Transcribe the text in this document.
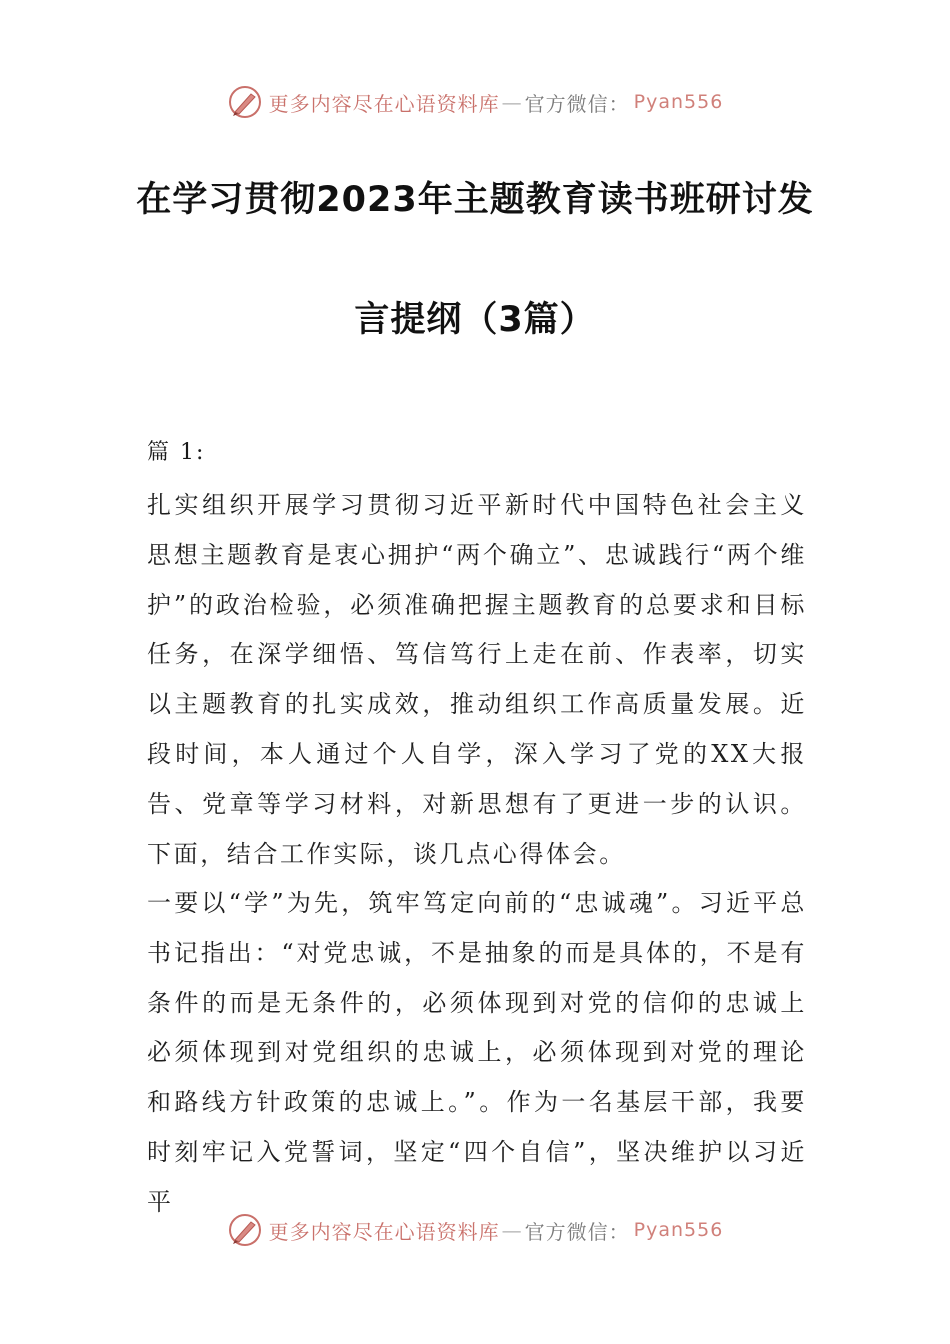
更多内容尽在心语资料库 — 官方微信： Pyan556
在学习贯彻2023年主题教育读书班研讨发
言提纲（3篇）
篇 1:

扎实组织开展学习贯彻习近平新时代中国特色社会主义思想主题教育是衷心拥护“两个确立”、忠诚践行“两个维护”的政治检验，必须准确把握主题教育的总要求和目标任务，在深学细悟、笃信笃行上走在前、作表率，切实以主题教育的扎实成效，推动组织工作高质量发展。近段时间，本人通过个人自学，深入学习了党的XX大报告、党章等学习材料，对新思想有了更进一步的认识。下面，结合工作实际，谈几点心得体会。

一要以“学”为先，筑牢笃定向前的“忠诚魂”。习近平总书记指出：“对党忠诚，不是抽象的而是具体的，不是有条件的而是无条件的，必须体现到对党的信仰的忠诚上必须体现到对党组织的忠诚上，必须体现到对党的理论和路线方针政策的忠诚上。”。作为一名基层干部，我要时刻牢记入党誓词，坚定“四个自信”，坚决维护以习近平

更多内容尽在心语资料库 — 官方微信： Pyan556
